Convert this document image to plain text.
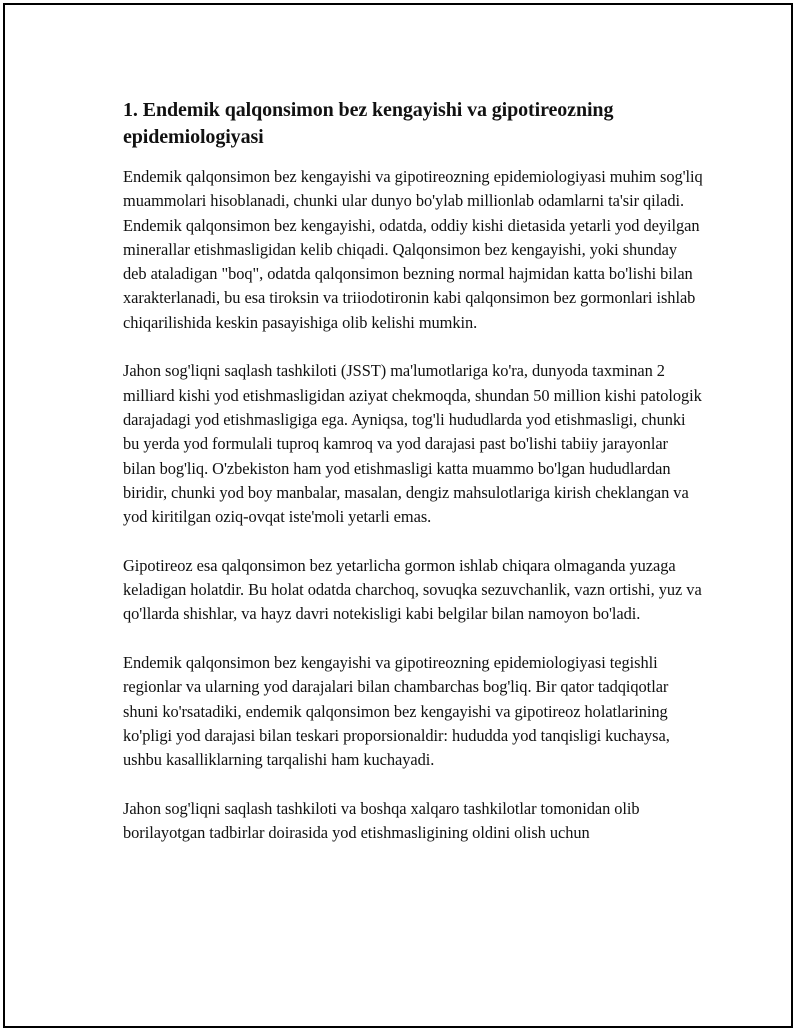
1. Endemik qalqonsimon bez kengayishi va gipotireozning epidemiologiyasi

Endemik qalqonsimon bez kengayishi va gipotireozning epidemiologiyasi muhim sog'liq muammolari hisoblanadi, chunki ular dunyo bo'ylab millionlab odamlarni ta'sir qiladi. Endemik qalqonsimon bez kengayishi, odatda, oddiy kishi dietasida yetarli yod deyilgan minerallar etishmasligidan kelib chiqadi. Qalqonsimon bez kengayishi, yoki shunday deb ataladigan "boq", odatda qalqonsimon bezning normal hajmidan katta bo'lishi bilan xarakterlanadi, bu esa tiroksin va triiodotironin kabi qalqonsimon bez gormonlari ishlab chiqarilishida keskin pasayishiga olib kelishi mumkin.

Jahon sog'liqni saqlash tashkiloti (JSST) ma'lumotlariga ko'ra, dunyoda taxminan 2 milliard kishi yod etishmasligidan aziyat chekmoqda, shundan 50 million kishi patologik darajadagi yod etishmasligiga ega. Ayniqsa, tog'li hududlarda yod etishmasligi, chunki bu yerda yod formulali tuproq kamroq va yod darajasi past bo'lishi tabiiy jarayonlar bilan bog'liq. O'zbekiston ham yod etishmasligi katta muammo bo'lgan hududlardan biridir, chunki yod boy manbalar, masalan, dengiz mahsulotlariga kirish cheklangan va yod kiritilgan oziq-ovqat iste'moli yetarli emas.

Gipotireoz esa qalqonsimon bez yetarlicha gormon ishlab chiqara olmaganda yuzaga keladigan holatdir. Bu holat odatda charchoq, sovuqka sezuvchanlik, vazn ortishi, yuz va qo'llarda shishlar, va hayz davri notekisligi kabi belgilar bilan namoyon bo'ladi.

Endemik qalqonsimon bez kengayishi va gipotireozning epidemiologiyasi tegishli regionlar va ularning yod darajalari bilan chambarchas bog'liq. Bir qator tadqiqotlar shuni ko'rsatadiki, endemik qalqonsimon bez kengayishi va gipotireoz holatlarining ko'pligi yod darajasi bilan teskari proporsionaldir: hududda yod tanqisligi kuchaysa, ushbu kasalliklarning tarqalishi ham kuchayadi.

Jahon sog'liqni saqlash tashkiloti va boshqa xalqaro tashkilotlar tomonidan olib borilayotgan tadbirlar doirasida yod etishmasligining oldini olish uchun
